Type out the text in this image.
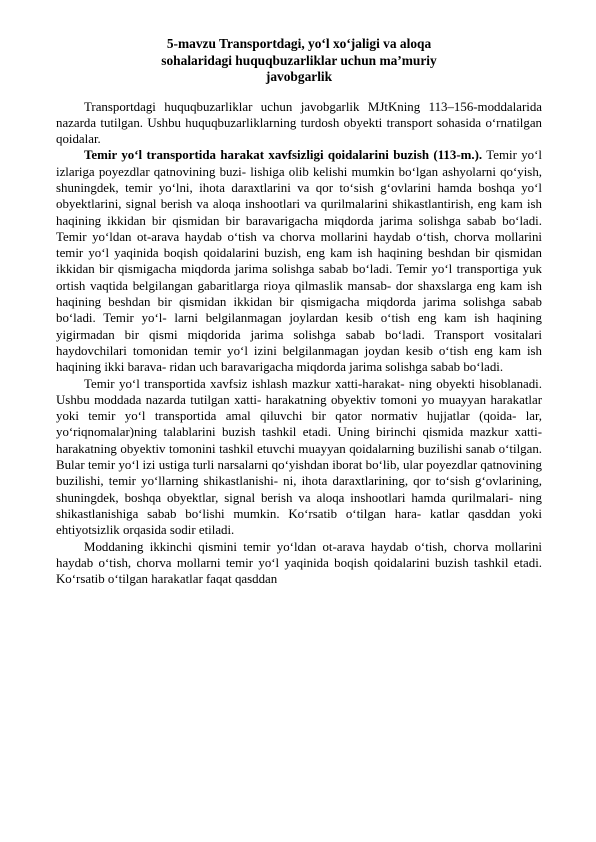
5-mavzu Transportdagi, yo‘l xo‘jaligi va aloqa
sohalaridagi huquqbuzarliklar uchun ma’muriy
javobgarlik

Transportdagi huquqbuzarliklar uchun javobgarlik MJtKning 113–156-moddalarida nazarda tutilgan. Ushbu huquqbuzarliklarning turdosh obyekti transport sohasida o‘rnatilgan qoidalar.

Temir yo‘l transportida harakat xavfsizligi qoidalarini buzish (113-m.). Temir yo‘l izlariga poyezdlar qatnovining buzi- lishiga olib kelishi mumkin bo‘lgan ashyolarni qo‘yish, shuningdek, temir yo‘lni, ihota daraxtlarini va qor to‘sish g‘ovlarini hamda boshqa yo‘l obyektlarini, signal berish va aloqa inshootlari va qurilmalarini shikastlantirish, eng kam ish haqining ikkidan bir qismidan bir baravarigacha miqdorda jarima solishga sabab bo‘ladi. Temir yo‘ldan ot-arava haydab o‘tish va chorva mollarini haydab o‘tish, chorva mollarini temir yo‘l yaqinida boqish qoidalarini buzish, eng kam ish haqining beshdan bir qismidan ikkidan bir qismigacha miqdorda jarima solishga sabab bo‘ladi. Temir yo‘l transportiga yuk ortish vaqtida belgilangan gabaritlarga rioya qilmaslik mansab- dor shaxslarga eng kam ish haqining beshdan bir qismidan ikkidan bir qismigacha miqdorda jarima solishga sabab bo‘ladi. Temir yo‘l- larni belgilanmagan joylardan kesib o‘tish eng kam ish haqining yigirmadan bir qismi miqdorida jarima solishga sabab bo‘ladi. Transport vositalari haydovchilari tomonidan temir yo‘l izini belgilanmagan joydan kesib o‘tish eng kam ish haqining ikki barava- ridan uch baravarigacha miqdorda jarima solishga sabab bo‘ladi.

Temir yo‘l transportida xavfsiz ishlash mazkur xatti-harakat- ning obyekti hisoblanadi. Ushbu moddada nazarda tutilgan xatti- harakatning obyektiv tomoni yo muayyan harakatlar yoki temir yo‘l transportida amal qiluvchi bir qator normativ hujjatlar (qoida- lar, yo‘riqnomalar)ning talablarini buzish tashkil etadi. Uning birinchi qismida mazkur xatti-harakatning obyektiv tomonini tashkil etuvchi muayyan qoidalarning buzilishi sanab o‘tilgan. Bular temir yo‘l izi ustiga turli narsalarni qo‘yishdan iborat bo‘lib, ular poyezdlar qatnovining buzilishi, temir yo‘llarning shikastlanishi- ni, ihota daraxtlarining, qor to‘sish g‘ovlarining, shuningdek, boshqa obyektlar, signal berish va aloqa inshootlari hamda qurilmalari- ning shikastlanishiga sabab bo‘lishi mumkin. Ko‘rsatib o‘tilgan hara- katlar qasddan yoki ehtiyotsizlik orqasida sodir etiladi.

Moddaning ikkinchi qismini temir yo‘ldan ot-arava haydab o‘tish, chorva mollarini haydab o‘tish, chorva mollarni temir yo‘l yaqinida boqish qoidalarini buzish tashkil etadi. Ko‘rsatib o‘tilgan harakatlar faqat qasddan
